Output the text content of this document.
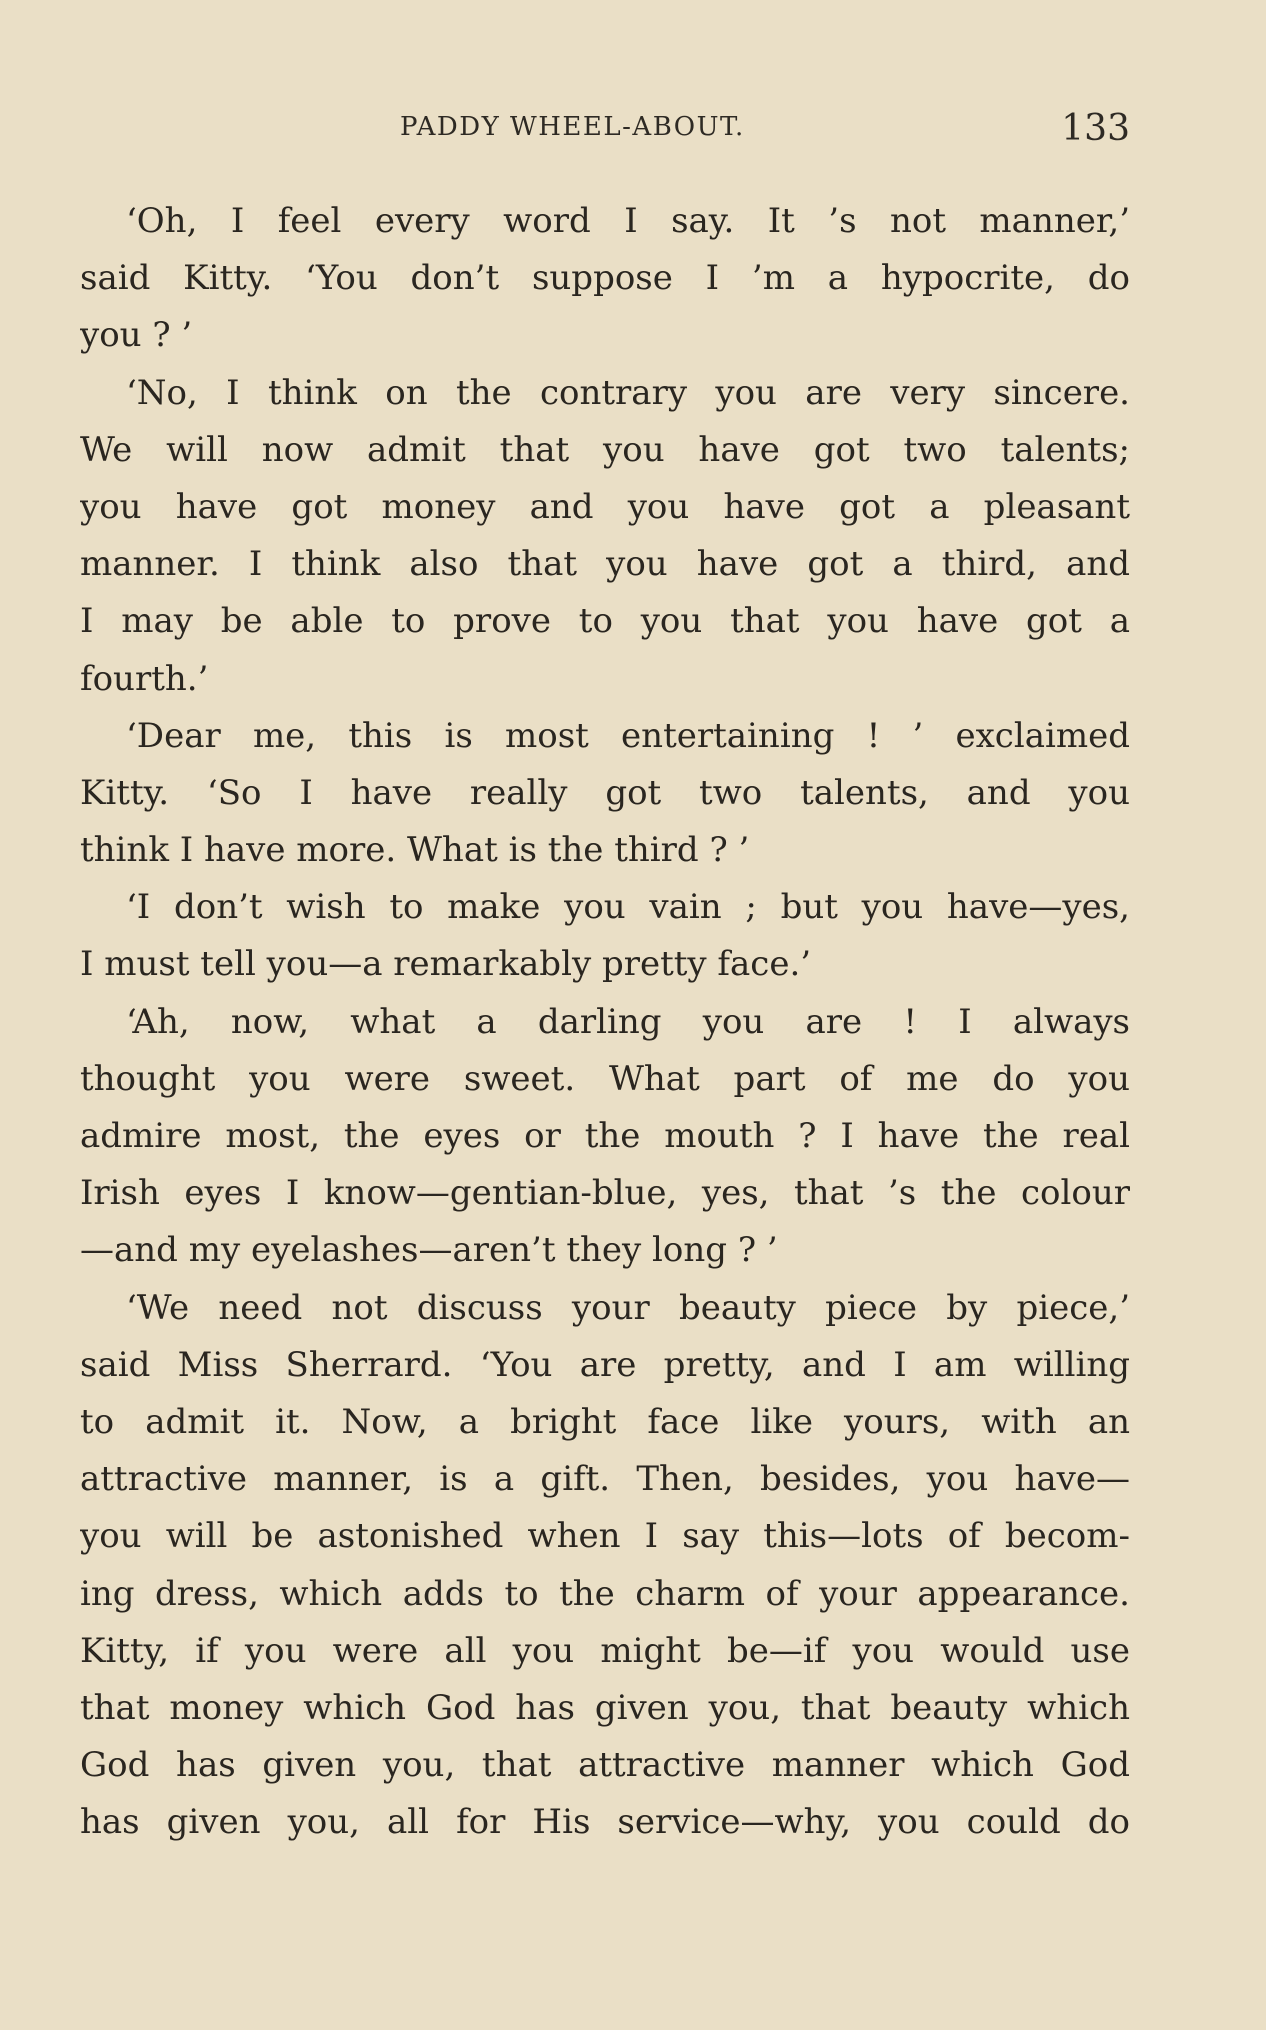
PADDY WHEEL-ABOUT.	133
‘Oh, I feel every word I say. It ’s not manner,’
said Kitty. ‘You don’t suppose I ’m a hypocrite, do
you ? ’
‘No, I think on the contrary you are very sincere.
We will now admit that you have got two talents;
you have got money and you have got a pleasant
manner. I think also that you have got a third, and
I may be able to prove to you that you have got a
fourth.’
‘Dear me, this is most entertaining ! ’ exclaimed
Kitty. ‘So I have really got two talents, and you
think I have more. What is the third ? ’
‘I don’t wish to make you vain ; but you have—yes,
I must tell you—a remarkably pretty face.’
‘Ah, now, what a darling you are ! I always
thought you were sweet. What part of me do you
admire most, the eyes or the mouth ? I have the real
Irish eyes I know—gentian-blue, yes, that ’s the colour
—and my eyelashes—aren’t they long ? ’
‘We need not discuss your beauty piece by piece,’
said Miss Sherrard. ‘You are pretty, and I am willing
to admit it. Now, a bright face like yours, with an
attractive manner, is a gift. Then, besides, you have—
you will be astonished when I say this—lots of becom-
ing dress, which adds to the charm of your appearance.
Kitty, if you were all you might be—if you would use
that money which God has given you, that beauty which
God has given you, that attractive manner which God
has given you, all for His service—why, you could do
